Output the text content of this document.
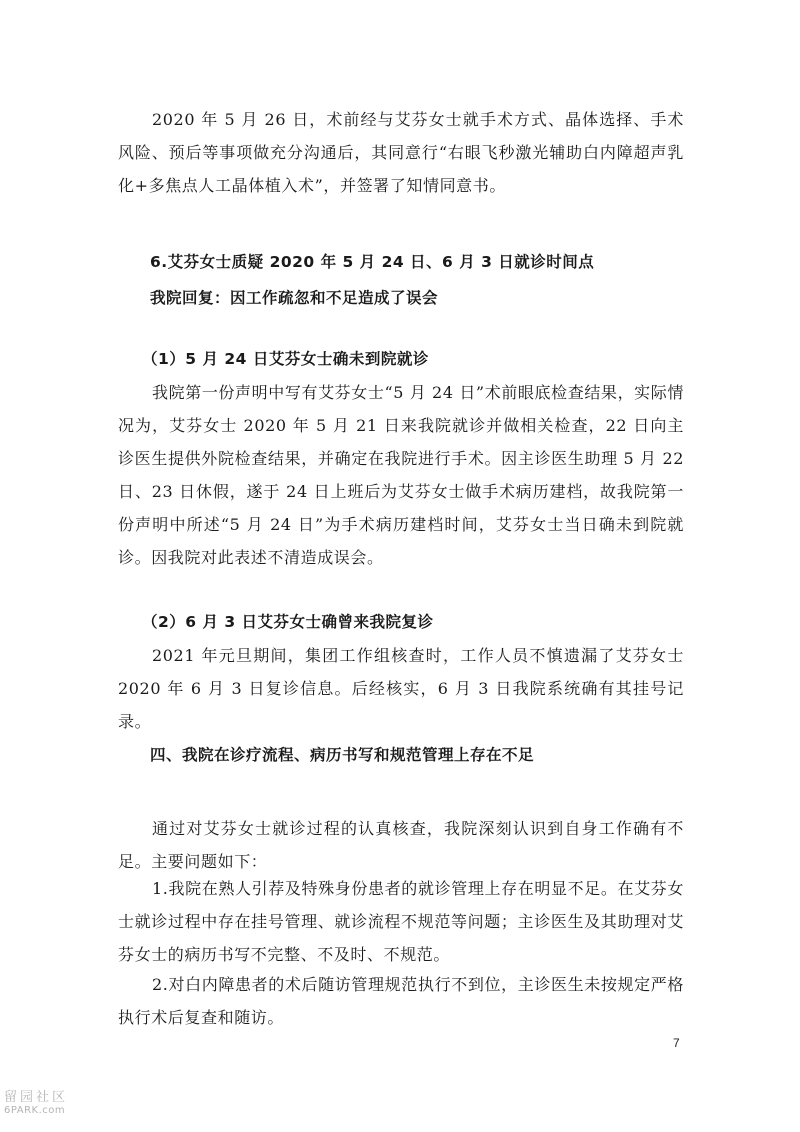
2020 年 5 月 26 日，术前经与艾芬女士就手术方式、晶体选择、手术风险、预后等事项做充分沟通后，其同意行“右眼飞秒激光辅助白内障超声乳化+多焦点人工晶体植入术”，并签署了知情同意书。

6.艾芬女士质疑 2020 年 5 月 24 日、6 月 3 日就诊时间点
我院回复：因工作疏忽和不足造成了误会
（1）5 月 24 日艾芬女士确未到院就诊

我院第一份声明中写有艾芬女士“5 月 24 日”术前眼底检查结果，实际情况为，艾芬女士 2020 年 5 月 21 日来我院就诊并做相关检查，22 日向主诊医生提供外院检查结果，并确定在我院进行手术。因主诊医生助理 5 月 22 日、23 日休假，遂于 24 日上班后为艾芬女士做手术病历建档，故我院第一份声明中所述“5 月 24 日”为手术病历建档时间，艾芬女士当日确未到院就诊。因我院对此表述不清造成误会。

（2）6 月 3 日艾芬女士确曾来我院复诊

2021 年元旦期间，集团工作组核查时，工作人员不慎遗漏了艾芬女士 2020 年 6 月 3 日复诊信息。后经核实，6 月 3 日我院系统确有其挂号记录。

四、我院在诊疗流程、病历书写和规范管理上存在不足

通过对艾芬女士就诊过程的认真核查，我院深刻认识到自身工作确有不足。主要问题如下：

1.我院在熟人引荐及特殊身份患者的就诊管理上存在明显不足。在艾芬女士就诊过程中存在挂号管理、就诊流程不规范等问题；主诊医生及其助理对艾芬女士的病历书写不完整、不及时、不规范。

2.对白内障患者的术后随访管理规范执行不到位，主诊医生未按规定严格执行术后复查和随访。

7
留园社区
6PARK.com
